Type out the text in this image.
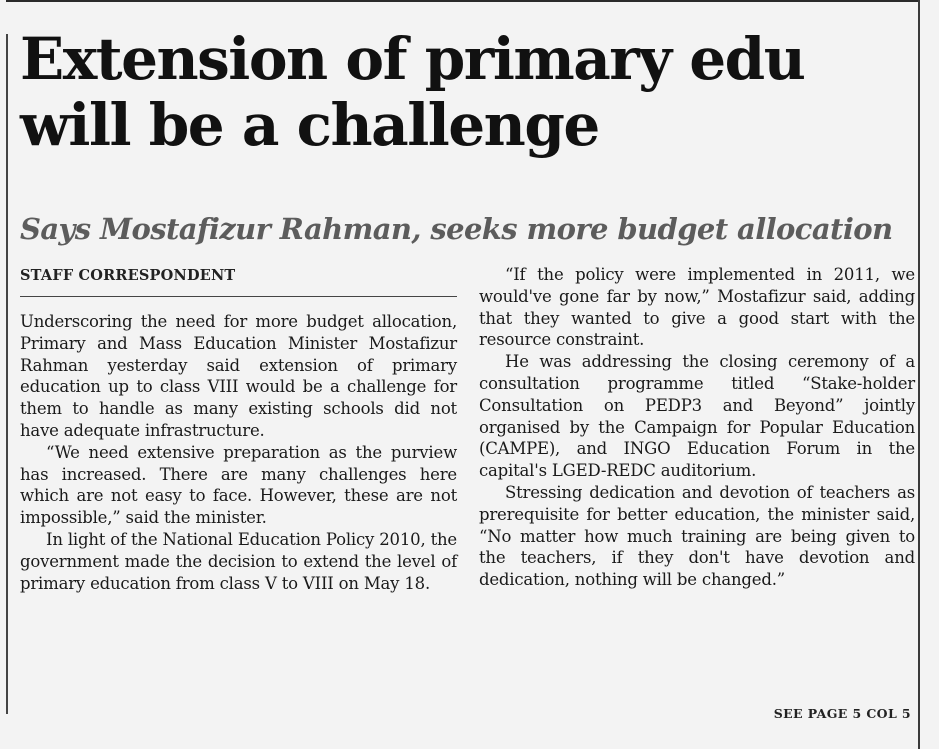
Extension of primary edu
will be a challenge
Says Mostafizur Rahman, seeks more budget allocation
STAFF CORRESPONDENT

Underscoring the need for more budget allocation, Primary and Mass Education Minister Mostafizur Rahman yesterday said extension of primary education up to class VIII would be a challenge for them to handle as many existing schools did not have adequate infrastructure.

“We need extensive preparation as the purview has increased. There are many challenges here which are not easy to face. However, these are not impossible,” said the minister.

In light of the National Education Policy 2010, the government made the decision to extend the level of primary education from class V to VIII on May 18.

“If the policy were implemented in 2011, we would've gone far by now,” Mostafizur said, adding that they wanted to give a good start with the resource constraint.

He was addressing the closing ceremony of a consultation programme titled “Stake-holder Consultation on PEDP3 and Beyond” jointly organised by the Campaign for Popular Education (CAMPE), and INGO Education Forum in the capital's LGED-REDC auditorium.

Stressing dedication and devotion of teachers as prerequisite for better education, the minister said, “No matter how much training are being given to the teachers, if they don't have devotion and dedication, nothing will be changed.”

SEE PAGE 5 COL 5
